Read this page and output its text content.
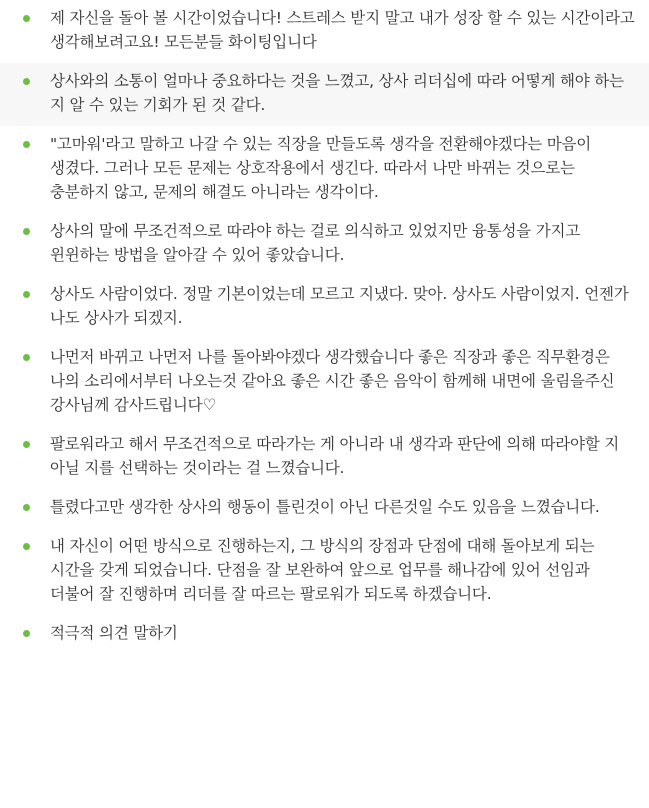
제 자신을 돌아 볼 시간이었습니다! 스트레스 받지 말고 내가 성장 할 수 있는 시간이라고 생각해보려고요! 모든분들 화이팅입니다
상사와의 소통이 얼마나 중요하다는 것을 느꼈고, 상사 리더십에 따라 어떻게 해야 하는 지 알 수 있는 기회가 된 것 같다.
"고마워'라고 말하고 나갈 수 있는 직장을 만들도록 생각을 전환해야겠다는 마음이 생겼다. 그러나 모든 문제는 상호작용에서 생긴다. 따라서 나만 바뀌는 것으로는 충분하지 않고, 문제의 해결도 아니라는 생각이다.
상사의 말에 무조건적으로 따라야 하는 걸로 의식하고 있었지만 융통성을 가지고 윈윈하는 방법을 알아갈 수 있어 좋았습니다.
상사도 사람이었다. 정말 기본이었는데 모르고 지냈다. 맞아. 상사도 사람이었지. 언젠가 나도 상사가 되겠지.
나먼저 바뀌고 나먼저 나를 돌아봐야겠다 생각했습니다 좋은 직장과 좋은 직무환경은 나의 소리에서부터 나오는것 같아요 좋은 시간 좋은 음악이 함께해 내면에 울림을주신 강사님께 감사드립니다♡
팔로워라고 해서 무조건적으로 따라가는 게 아니라 내 생각과 판단에 의해 따라야할 지 아닐 지를 선택하는 것이라는 걸 느꼈습니다.
틀렸다고만 생각한 상사의 행동이 틀린것이 아닌 다른것일 수도 있음을 느꼈습니다.
내 자신이 어떤 방식으로 진행하는지, 그 방식의 장점과 단점에 대해 돌아보게 되는 시간을 갖게 되었습니다. 단점을 잘 보완하여 앞으로 업무를 해나감에 있어 선임과 더불어 잘 진행하며 리더를 잘 따르는 팔로워가 되도록 하겠습니다.
적극적 의견 말하기
